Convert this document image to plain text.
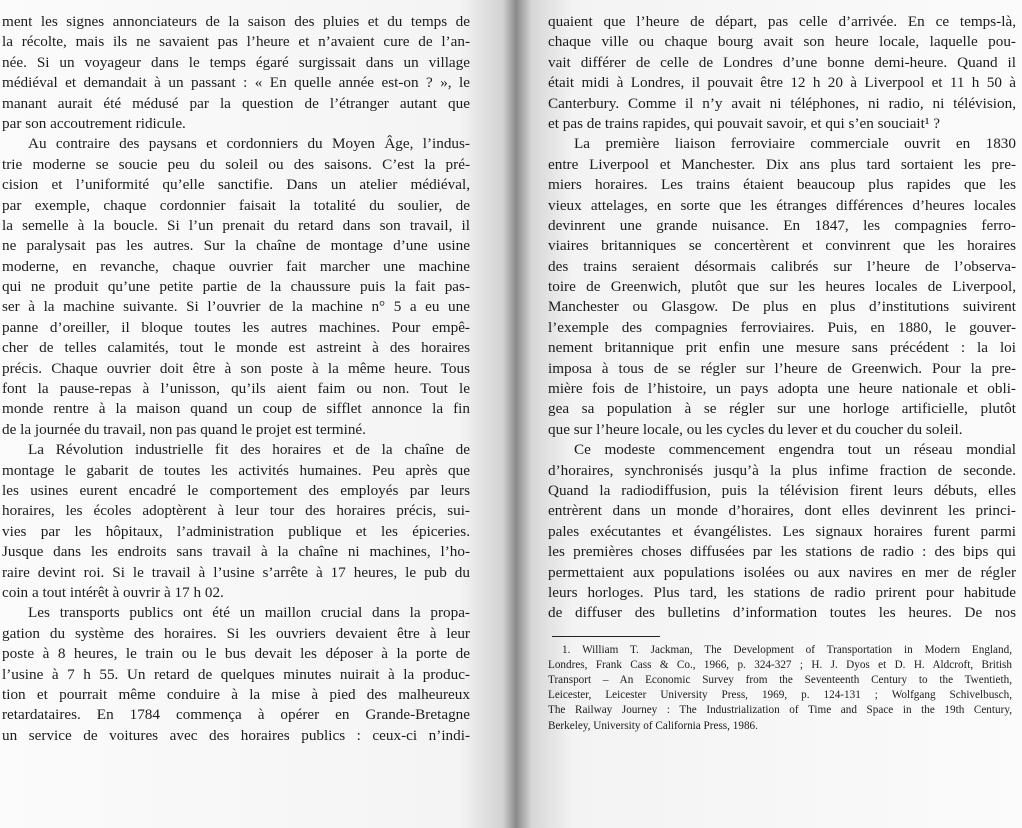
ment les signes annonciateurs de la saison des pluies et du temps de
la récolte, mais ils ne savaient pas l’heure et n’avaient cure de l’an-
née. Si un voyageur dans le temps égaré surgissait dans un village
médiéval et demandait à un passant : « En quelle année est-on ? », le
manant aurait été médusé par la question de l’étranger autant que
par son accoutrement ridicule.
Au contraire des paysans et cordonniers du Moyen Âge, l’indus-
trie moderne se soucie peu du soleil ou des saisons. C’est la pré-
cision et l’uniformité qu’elle sanctifie. Dans un atelier médiéval,
par exemple, chaque cordonnier faisait la totalité du soulier, de
la semelle à la boucle. Si l’un prenait du retard dans son travail, il
ne paralysait pas les autres. Sur la chaîne de montage d’une usine
moderne, en revanche, chaque ouvrier fait marcher une machine
qui ne produit qu’une petite partie de la chaussure puis la fait pas-
ser à la machine suivante. Si l’ouvrier de la machine n° 5 a eu une
panne d’oreiller, il bloque toutes les autres machines. Pour empê-
cher de telles calamités, tout le monde est astreint à des horaires
précis. Chaque ouvrier doit être à son poste à la même heure. Tous
font la pause-repas à l’unisson, qu’ils aient faim ou non. Tout le
monde rentre à la maison quand un coup de sifflet annonce la fin
de la journée du travail, non pas quand le projet est terminé.
La Révolution industrielle fit des horaires et de la chaîne de
montage le gabarit de toutes les activités humaines. Peu après que
les usines eurent encadré le comportement des employés par leurs
horaires, les écoles adoptèrent à leur tour des horaires précis, sui-
vies par les hôpitaux, l’administration publique et les épiceries.
Jusque dans les endroits sans travail à la chaîne ni machines, l’ho-
raire devint roi. Si le travail à l’usine s’arrête à 17 heures, le pub du
coin a tout intérêt à ouvrir à 17 h 02.
Les transports publics ont été un maillon crucial dans la propa-
gation du système des horaires. Si les ouvriers devaient être à leur
poste à 8 heures, le train ou le bus devait les déposer à la porte de
l’usine à 7 h 55. Un retard de quelques minutes nuirait à la produc-
tion et pourrait même conduire à la mise à pied des malheureux
retardataires. En 1784 commença à opérer en Grande-Bretagne
un service de voitures avec des horaires publics : ceux-ci n’indi-
quaient que l’heure de départ, pas celle d’arrivée. En ce temps-là,
chaque ville ou chaque bourg avait son heure locale, laquelle pou-
vait différer de celle de Londres d’une bonne demi-heure. Quand il
était midi à Londres, il pouvait être 12 h 20 à Liverpool et 11 h 50 à
Canterbury. Comme il n’y avait ni téléphones, ni radio, ni télévision,
et pas de trains rapides, qui pouvait savoir, et qui s’en souciait¹ ?
La première liaison ferroviaire commerciale ouvrit en 1830
entre Liverpool et Manchester. Dix ans plus tard sortaient les pre-
miers horaires. Les trains étaient beaucoup plus rapides que les
vieux attelages, en sorte que les étranges différences d’heures locales
devinrent une grande nuisance. En 1847, les compagnies ferro-
viaires britanniques se concertèrent et convinrent que les horaires
des trains seraient désormais calibrés sur l’heure de l’observa-
toire de Greenwich, plutôt que sur les heures locales de Liverpool,
Manchester ou Glasgow. De plus en plus d’institutions suivirent
l’exemple des compagnies ferroviaires. Puis, en 1880, le gouver-
nement britannique prit enfin une mesure sans précédent : la loi
imposa à tous de se régler sur l’heure de Greenwich. Pour la pre-
mière fois de l’histoire, un pays adopta une heure nationale et obli-
gea sa population à se régler sur une horloge artificielle, plutôt
que sur l’heure locale, ou les cycles du lever et du coucher du soleil.
Ce modeste commencement engendra tout un réseau mondial
d’horaires, synchronisés jusqu’à la plus infime fraction de seconde.
Quand la radiodiffusion, puis la télévision firent leurs débuts, elles
entrèrent dans un monde d’horaires, dont elles devinrent les princi-
pales exécutantes et évangélistes. Les signaux horaires furent parmi
les premières choses diffusées par les stations de radio : des bips qui
permettaient aux populations isolées ou aux navires en mer de régler
leurs horloges. Plus tard, les stations de radio prirent pour habitude
de diffuser des bulletins d’information toutes les heures. De nos
1. William T. Jackman, The Development of Transportation in Modern England,
Londres, Frank Cass & Co., 1966, p. 324-327 ; H. J. Dyos et D. H. Aldcroft, British
Transport – An Economic Survey from the Seventeenth Century to the Twentieth,
Leicester, Leicester University Press, 1969, p. 124-131 ; Wolfgang Schivelbusch,
The Railway Journey : The Industrialization of Time and Space in the 19th Century,
Berkeley, University of California Press, 1986.
